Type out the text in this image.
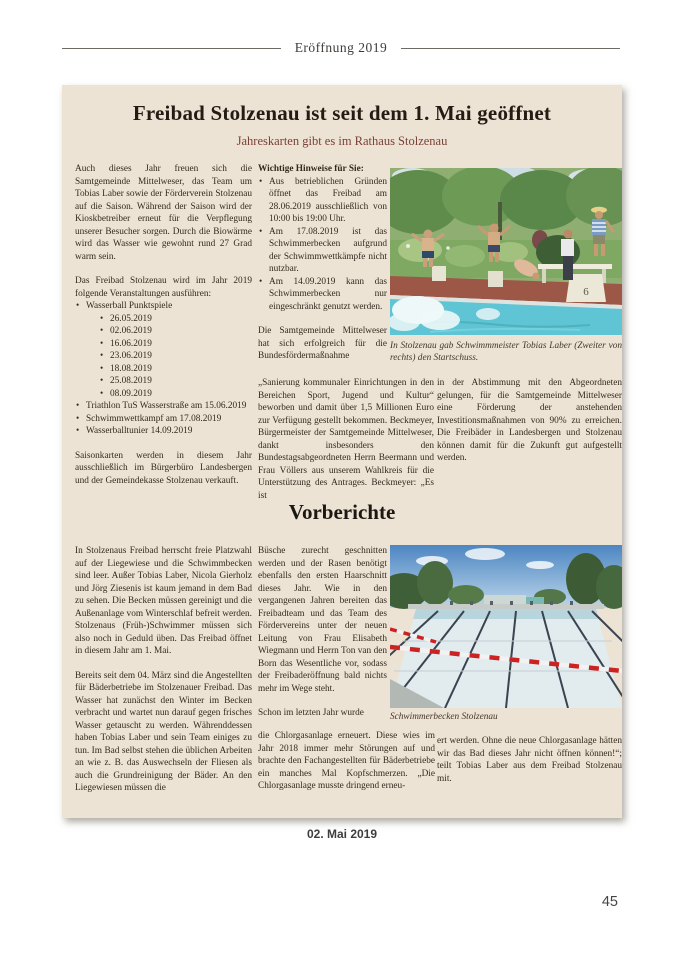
Eröffnung 2019
Freibad Stolzenau ist seit dem 1. Mai geöffnet
Jahreskarten gibt es im Rathaus Stolzenau

Auch dieses Jahr freuen sich die Samtgemeinde Mittelweser, das Team um Tobias Laber sowie der Förderverein Stolzenau auf die Saison. Während der Saison wird der Kioskbetreiber erneut für die Verpflegung unserer Besucher sorgen. Durch die Biowärme wird das Wasser wie gewohnt rund 27 Grad warm sein.

Das Freibad Stolzenau wird im Jahr 2019 folgende Veranstaltungen ausführen:

• Wasserball Punktspiele
• 26.05.2019
• 02.06.2019
• 16.06.2019
• 23.06.2019
• 18.08.2019
• 25.08.2019
• 08.09.2019
• Triathlon TuS Wasserstraße am 15.06.2019
• Schwimmwettkampf am 17.08.2019
• Wasserballtunier 14.09.2019

Saisonkarten werden in diesem Jahr ausschließlich im Bürgerbüro Landesbergen und der Gemeindekasse Stolzenau verkauft.

Wichtige Hinweise für Sie:
• Aus betrieblichen Gründen öffnet das Freibad am 28.06.2019 ausschließlich von 10:00 bis 19:00 Uhr.
• Am 17.08.2019 ist das Schwimmerbecken aufgrund der Schwimmwettkämpfe nicht nutzbar.
• Am 14.09.2019 kann das Schwimmerbecken nur eingeschränkt genutzt werden.

Die Samtgemeinde Mittelweser hat sich erfolgreich für die Bundesfördermaßnahme

6
In Stolzenau gab Schwimmmeister Tobias Laber (Zweiter von rechts) den Startschuss.
„Sanierung kommunaler Einrichtungen in den Bereichen Sport, Jugend und Kultur“ beworben und damit über 1,5 Millionen Euro zur Verfügung gestellt bekommen. Beckmeyer, Bürgermeister der Samtgemeinde Mittelweser, dankt insbesonders den Bundestagsabgeordneten Herrn Beermann und Frau Völlers aus unserem Wahlkreis für die Unterstützung des Antrages. Beckmeyer: „Es ist
in der Abstimmung mit den Abgeordneten gelungen, für die Samtgemeinde Mittelweser eine Förderung der anstehenden Investitionsmaßnahmen von 90% zu erreichen. Die Freibäder in Landesbergen und Stolzenau können damit für die Zukunft gut aufgestellt werden.
Vorberichte

In Stolzenaus Freibad herrscht freie Platzwahl auf der Liegewiese und die Schwimmbecken sind leer. Außer Tobias Laber, Nicola Gierholz und Jörg Ziesenis ist kaum jemand in dem Bad zu sehen. Die Becken müssen gereinigt und die Außenanlage vom Winterschlaf befreit werden. Stolzenaus (Früh-)Schwimmer müssen sich also noch in Geduld üben. Das Freibad öffnet in diesem Jahr am 1. Mai.

Bereits seit dem 04. März sind die Angestellten für Bäderbetriebe im Stolzenauer Freibad. Das Wasser hat zunächst den Winter im Becken verbracht und wartet nun darauf gegen frisches Wasser getauscht zu werden. Währenddessen haben Tobias Laber und sein Team einiges zu tun. Im Bad selbst stehen die üblichen Arbeiten an wie z. B. das Auswechseln der Fliesen als auch die Grundreinigung der Bäder. An den Liegewiesen müssen die

Büsche zurecht geschnitten werden und der Rasen benötigt ebenfalls den ersten Haarschnitt dieses Jahr. Wie in den vergangenen Jahren bereiten das Freibadteam und das Team des Fördervereins unter der neuen Leitung von Frau Elisabeth Wiegmann und Herrn Ton van den Born das Wesentliche vor, sodass der Freibaderöffnung bald nichts mehr im Wege steht.

Schon im letzten Jahr wurde	Schwimmerbecken Stolzenau
die Chlorgasanlage erneuert. Diese wies im Jahr 2018 immer mehr Störungen auf und brachte den Fachangestellten für Bäderbetriebe ein manches Mal Kopfschmerzen. „Die Chlorgasanlage musste dringend erneu-
ert werden. Ohne die neue Chlorgasanlage hätten wir das Bad dieses Jahr nicht öffnen können!“; teilt Tobias Laber aus dem Freibad Stolzenau mit.
02. Mai 2019
45
